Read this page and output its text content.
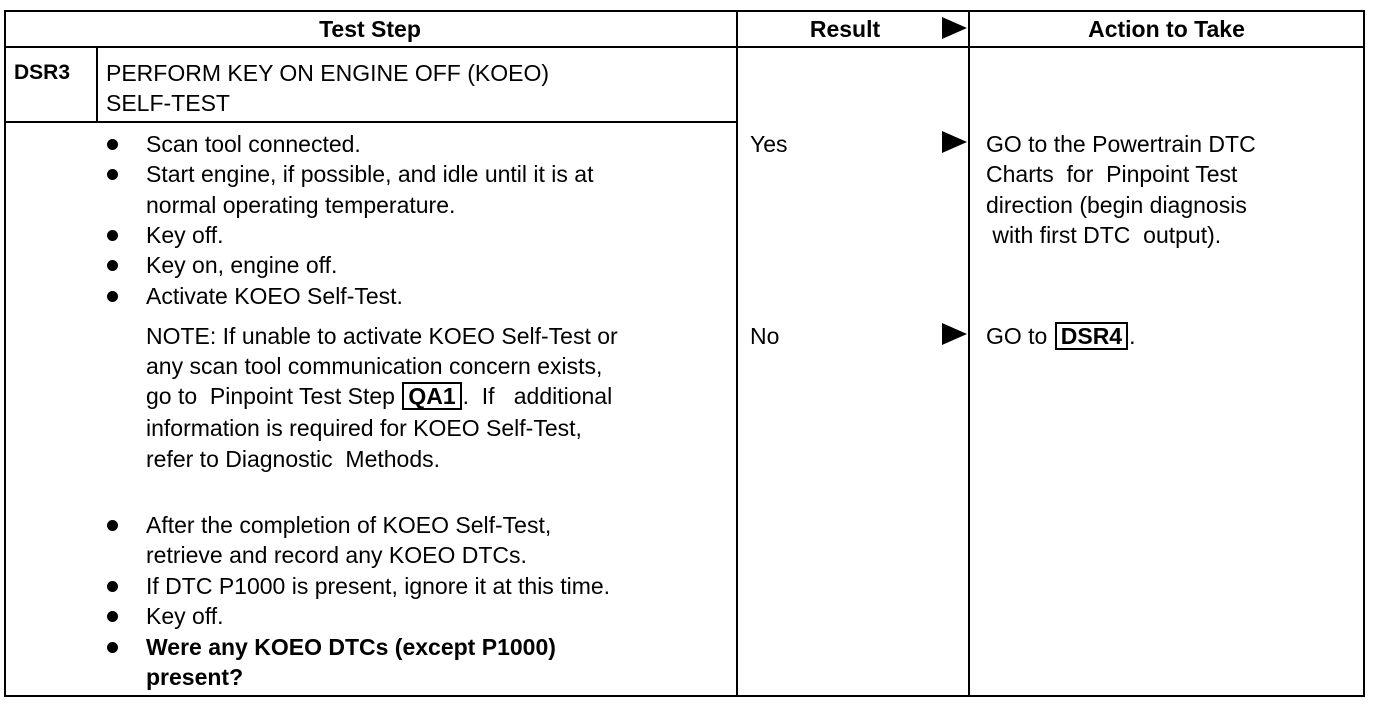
Test Step	Result	Action to Take
DSR3 PERFORM KEY ON ENGINE OFF (KOEO)
SELF-TEST
Scan tool connected.
Start engine, if possible, and idle until it is at
normal operating temperature.
Key off.
Key on, engine off.
Activate KOEO Self-Test.
NOTE: If unable to activate KOEO Self-Test or
any scan tool communication concern exists,
go to  Pinpoint Test Step QA1 .  If   additional
information is required for KOEO Self-Test,
refer to Diagnostic  Methods.
After the completion of KOEO Self-Test,
retrieve and record any KOEO DTCs.
If DTC P1000 is present, ignore it at this time.
Key off.
Were any KOEO DTCs (except P1000)
present?
Yes
No
GO to the Powertrain DTC
Charts  for  Pinpoint Test
direction (begin diagnosis
with first DTC  output).
GO to DSR4 .
